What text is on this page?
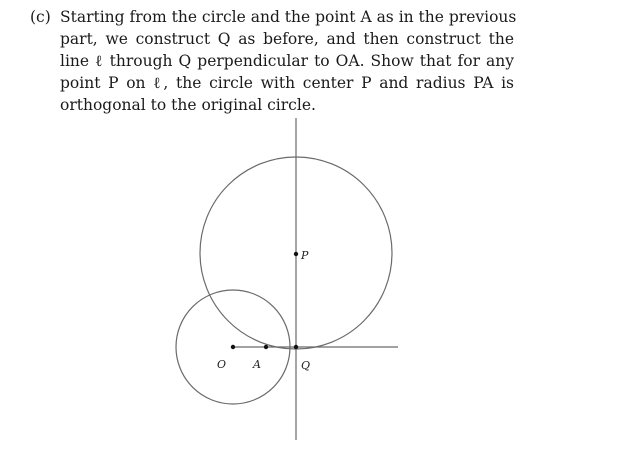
(c) Starting from the circle and the point A as in the previous
part, we construct Q as before, and then construct the
line ℓ through Q perpendicular to OA. Show that for any
point P on ℓ, the circle with center P and radius PA is
orthogonal to the original circle.
P
O A	Q
